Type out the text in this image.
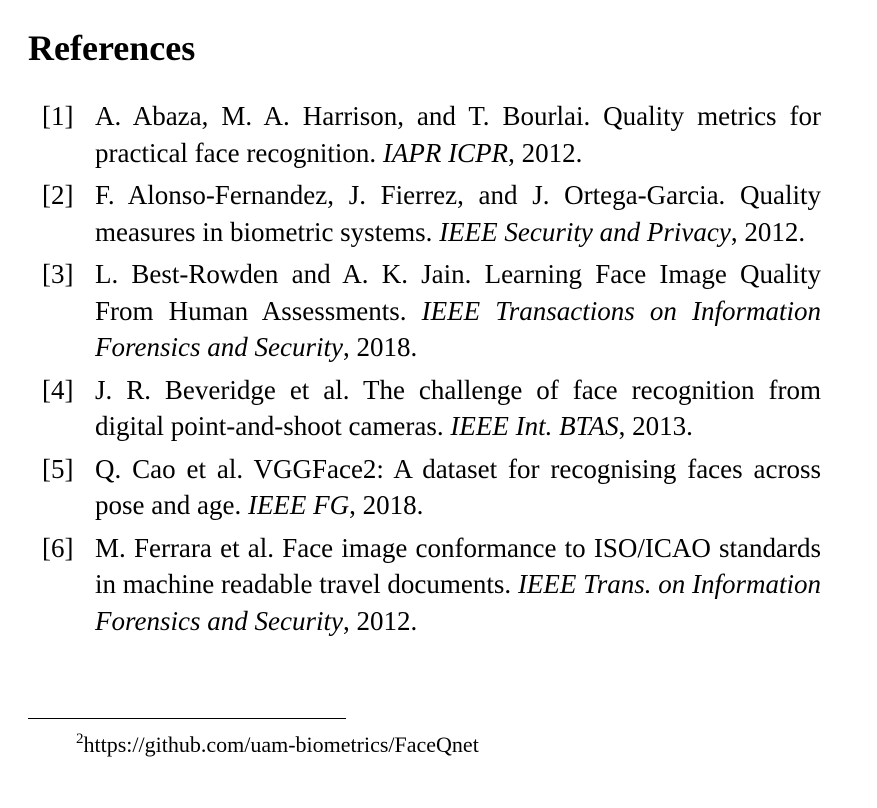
References
[1] A. Abaza, M. A. Harrison, and T. Bourlai. Quality metrics for practical face recognition. IAPR ICPR, 2012.
[2] F. Alonso-Fernandez, J. Fierrez, and J. Ortega-Garcia. Quality measures in biometric systems. IEEE Security and Privacy, 2012.
[3] L. Best-Rowden and A. K. Jain. Learning Face Image Quality From Human Assessments. IEEE Transactions on Information Forensics and Security, 2018.
[4] J. R. Beveridge et al. The challenge of face recognition from digital point-and-shoot cameras. IEEE Int. BTAS, 2013.
[5] Q. Cao et al. VGGFace2: A dataset for recognising faces across pose and age. IEEE FG, 2018.
[6] M. Ferrara et al. Face image conformance to ISO/ICAO standards in machine readable travel documents. IEEE Trans. on Information Forensics and Security, 2012.
$^2$https://github.com/uam-biometrics/FaceQnet
